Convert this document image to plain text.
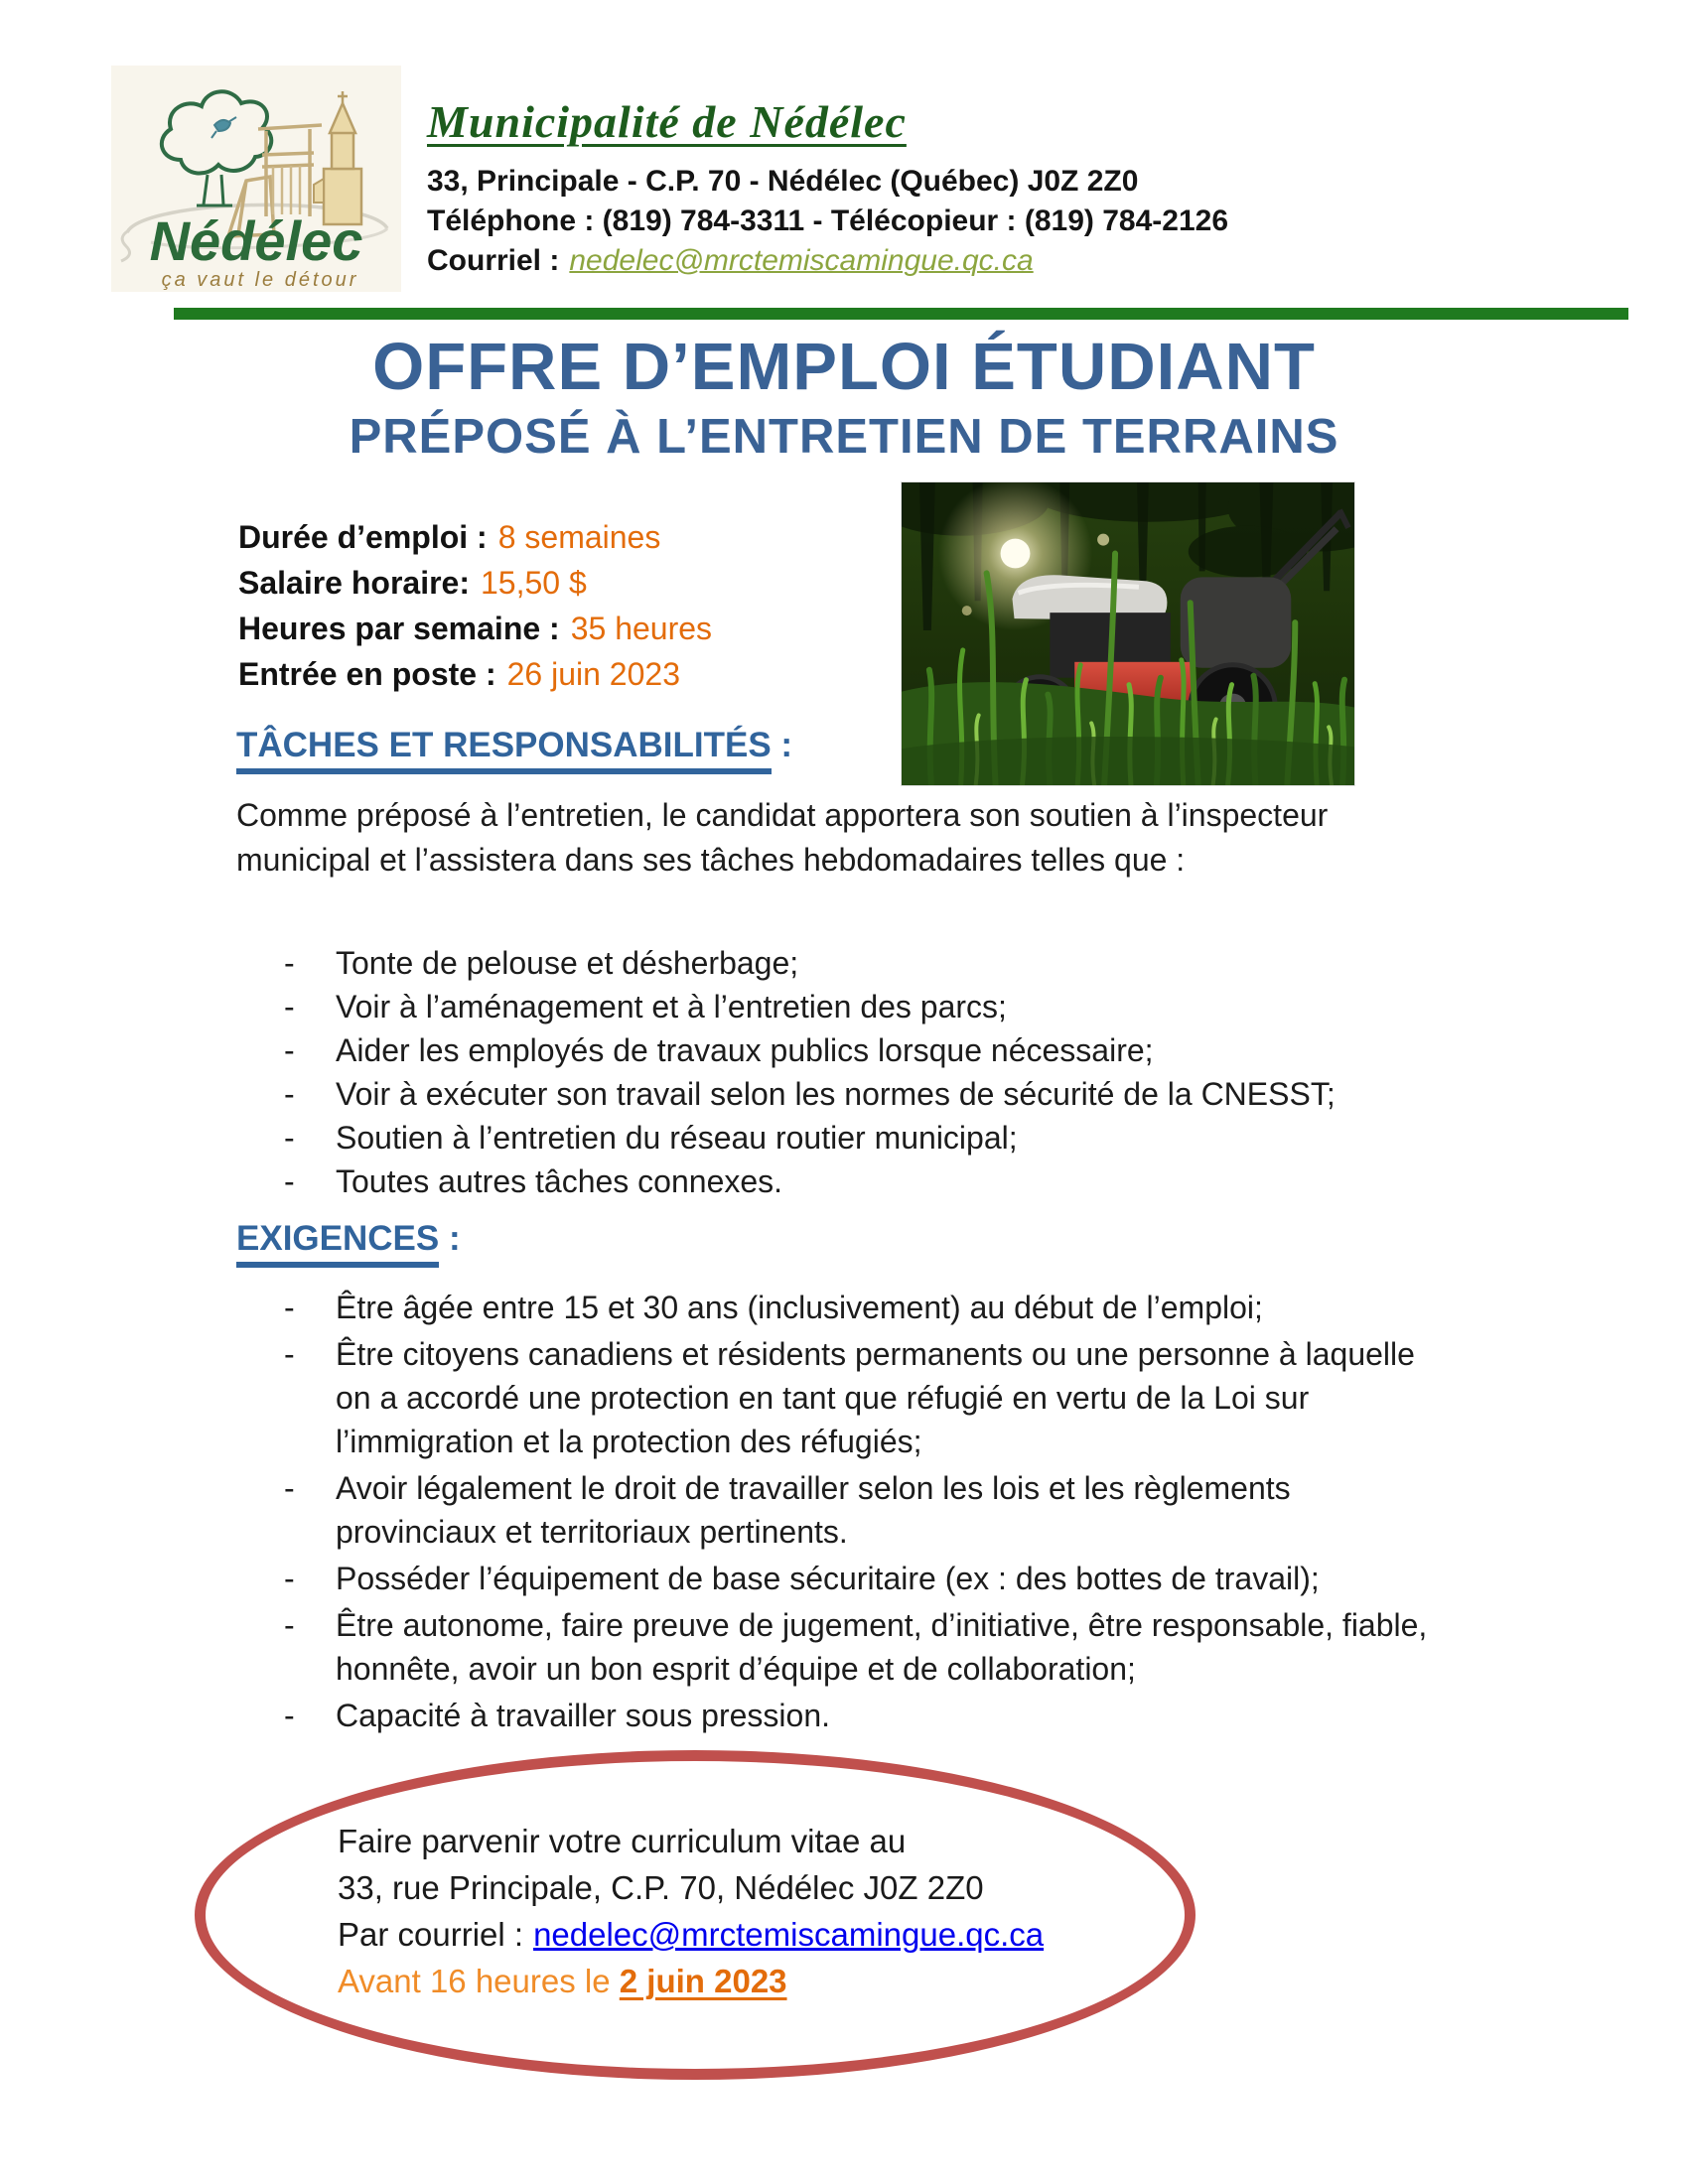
Nédélec
ça vaut le détour
Municipalité de Nédélec
33, Principale - C.P. 70 - Nédélec (Québec) J0Z 2Z0
Téléphone : (819) 784-3311 - Télécopieur : (819) 784-2126
Courriel : nedelec@mrctemiscamingue.qc.ca
OFFRE D’EMPLOI ÉTUDIANT
PRÉPOSÉ À L’ENTRETIEN DE TERRAINS
Durée d’emploi : 8 semaines
Salaire horaire: 15,50 $
Heures par semaine : 35 heures
Entrée en poste : 26 juin 2023
TÂCHES ET RESPONSABILITÉS :
Comme préposé à l’entretien, le candidat apportera son soutien à l’inspecteur municipal et l’assistera dans ses tâches hebdomadaires telles que :
-	Tonte de pelouse et désherbage;
-	Voir à l’aménagement et à l’entretien des parcs;
-	Aider les employés de travaux publics lorsque nécessaire;
-	Voir à exécuter son travail selon les normes de sécurité de la CNESST;
-	Soutien à l’entretien du réseau routier municipal;
-	Toutes autres tâches connexes.
EXIGENCES :
-	Être âgée entre 15 et 30 ans (inclusivement) au début de l’emploi;
-	Être citoyens canadiens et résidents permanents ou une personne à laquelle on a accordé une protection en tant que réfugié en vertu de la Loi sur l’immigration et la protection des réfugiés;
-	Avoir légalement le droit de travailler selon les lois et les règlements provinciaux et territoriaux pertinents.
-	Posséder l’équipement de base sécuritaire (ex : des bottes de travail);
-	Être autonome, faire preuve de jugement, d’initiative, être responsable, fiable, honnête, avoir un bon esprit d’équipe et de collaboration;
-	Capacité à travailler sous pression.
Faire parvenir votre curriculum vitae au
33, rue Principale, C.P. 70, Nédélec J0Z 2Z0
Par courriel : nedelec@mrctemiscamingue.qc.ca
Avant 16 heures le 2 juin 2023
